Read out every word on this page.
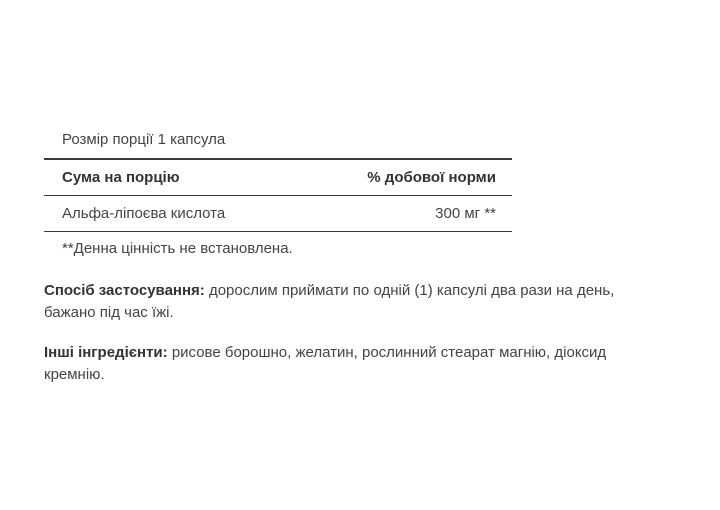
Розмір порції 1 капсула
Сума на порцію	% добової норми
Альфа-ліпоєва кислота	300 мг **
**Денна цінність не встановлена.
Спосіб застосування: дорослим приймати по одній (1) капсулі два рази на день,
бажано під час їжі.
Інші інгредієнти: рисове борошно, желатин, рослинний стеарат магнію, діоксид
кремнію.
